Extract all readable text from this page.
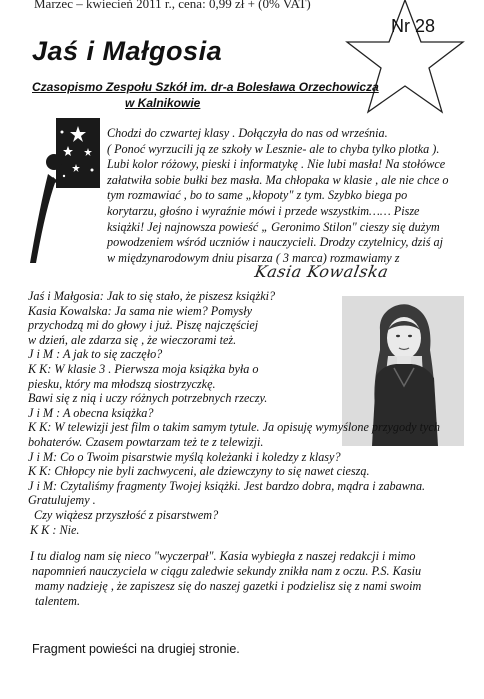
Marzec – kwiecień 2011 r., cena: 0,99 zł + (0% VAT)
Nr 28
Jaś i Małgosia
Czasopismo Zespołu Szkół im. dr-a Bolesława Orzechowicza
w Kalnikowie
Chodzi do czwartej klasy . Dołączyła do nas od września.
( Ponoć wyrzucili ją ze szkoły w Lesznie- ale to chyba tylko plotka ).
Lubi kolor różowy, pieski i informatykę . Nie lubi masła! Na stołówce
załatwiła sobie bułki bez masła. Ma chłopaka w klasie , ale nie chce o
tym rozmawiać , bo to same „kłopoty" z tym. Szybko biega po
korytarzu, głośno i wyraźnie mówi i przede wszystkim…… Pisze
książki! Jej najnowsza powieść „ Geronimo Stilon" cieszy się dużym
powodzeniem wśród uczniów i nauczycieli. Drodzy czytelnicy, dziś aj
w międzynarodowym dniu pisarza ( 3 marca) rozmawiamy z
Kasia Kowalska
Jaś i Małgosia: Jak to się stało, że piszesz książki?
Kasia Kowalska: Ja sama nie wiem? Pomysły
przychodzą mi do głowy i już. Piszę najczęściej
w dzień, ale zdarza się , że wieczorami też.
J i M : A jak to się zaczęło?
K K: W klasie 3 . Pierwsza moja książka była o
piesku, który ma młodszą siostrzyczkę.
Bawi się z nią i uczy różnych potrzebnych rzeczy.
J i M : A obecna książka?
K K: W telewizji jest film o takim samym tytule. Ja opisuję wymyślone przygody tych
bohaterów. Czasem powtarzam też te z telewizji.
J i M: Co o Twoim pisarstwie myślą koleżanki i koledzy z klasy?
K K: Chłopcy nie byli zachwyceni, ale dziewczyny to się nawet cieszą.
J i M: Czytaliśmy fragmenty Twojej książki. Jest bardzo dobra, mądra i zabawna.
Gratulujemy .
Czy wiążesz przyszłość z pisarstwem?
K K : Nie.
I tu dialog nam się nieco "wyczerpał". Kasia wybiegła z naszej redakcji i mimo
napomnień nauczyciela w ciągu zaledwie sekundy znikła nam z oczu. P.S. Kasiu
mamy nadzieję , że zapiszesz się do naszej gazetki i podzielisz się z nami swoim
talentem.
Fragment powieści na drugiej stronie.
